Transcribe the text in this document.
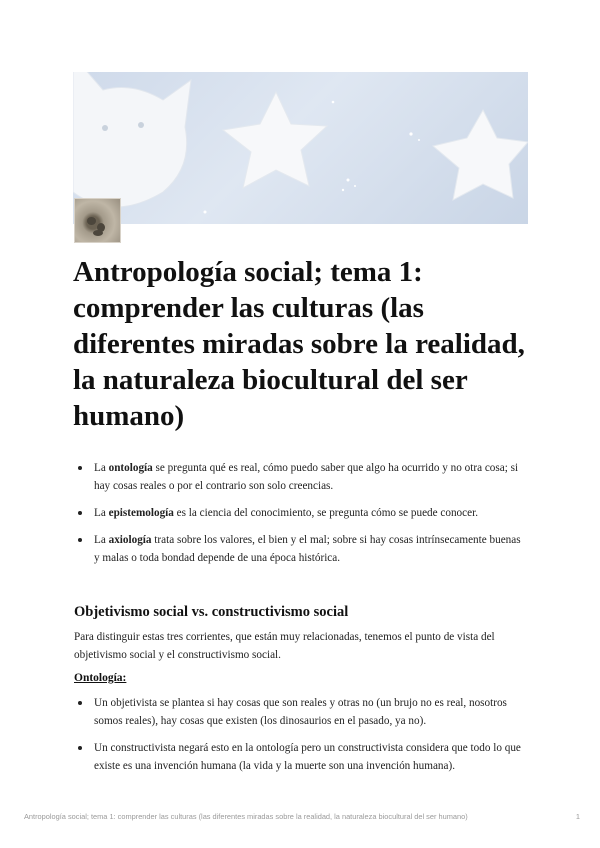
Antropología social; tema 1: comprender las culturas (las diferentes miradas sobre la realidad, la naturaleza biocultural del ser humano)
La ontología se pregunta qué es real, cómo puedo saber que algo ha ocurrido y no otra cosa; si hay cosas reales o por el contrario son solo creencias.
La epistemología es la ciencia del conocimiento, se pregunta cómo se puede conocer.
La axiología trata sobre los valores, el bien y el mal; sobre si hay cosas intrínsecamente buenas y malas o toda bondad depende de una época histórica.
Objetivismo social vs. constructivismo social

Para distinguir estas tres corrientes, que están muy relacionadas, tenemos el punto de vista del objetivismo social y el constructivismo social.

Ontología:

Un objetivista se plantea si hay cosas que son reales y otras no (un brujo no es real, nosotros somos reales), hay cosas que existen (los dinosaurios en el pasado, ya no).
Un constructivista negará esto en la ontología pero un constructivista considera que todo lo que existe es una invención humana (la vida y la muerte son una invención humana).
Antropología social; tema 1: comprender las culturas (las diferentes miradas sobre la realidad, la naturaleza biocultural del ser humano)	1
